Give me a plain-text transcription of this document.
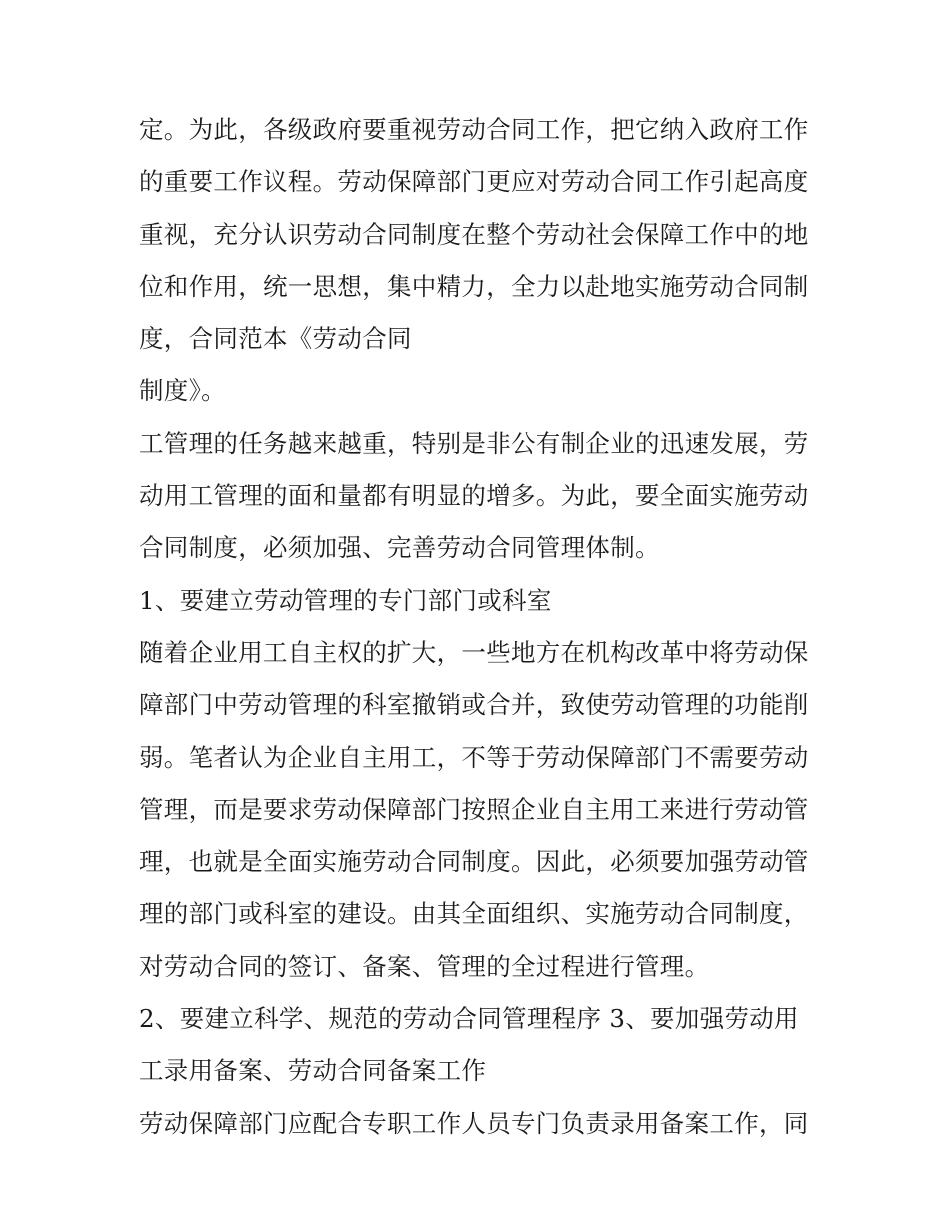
定。为此，各级政府要重视劳动合同工作，把它纳入政府工作
的重要工作议程。劳动保障部门更应对劳动合同工作引起高度
重视，充分认识劳动合同制度在整个劳动社会保障工作中的地
位和作用，统一思想，集中精力，全力以赴地实施劳动合同制
度，合同范本《劳动合同
制度》。
工管理的任务越来越重，特别是非公有制企业的迅速发展，劳
动用工管理的面和量都有明显的增多。为此，要全面实施劳动
合同制度，必须加强、完善劳动合同管理体制。
1、要建立劳动管理的专门部门或科室
随着企业用工自主权的扩大，一些地方在机构改革中将劳动保
障部门中劳动管理的科室撤销或合并，致使劳动管理的功能削
弱。笔者认为企业自主用工，不等于劳动保障部门不需要劳动
管理，而是要求劳动保障部门按照企业自主用工来进行劳动管
理，也就是全面实施劳动合同制度。因此，必须要加强劳动管
理的部门或科室的建设。由其全面组织、实施劳动合同制度，
对劳动合同的签订、备案、管理的全过程进行管理。
2、要建立科学、规范的劳动合同管理程序 3、要加强劳动用
工录用备案、劳动合同备案工作
劳动保障部门应配合专职工作人员专门负责录用备案工作，同
